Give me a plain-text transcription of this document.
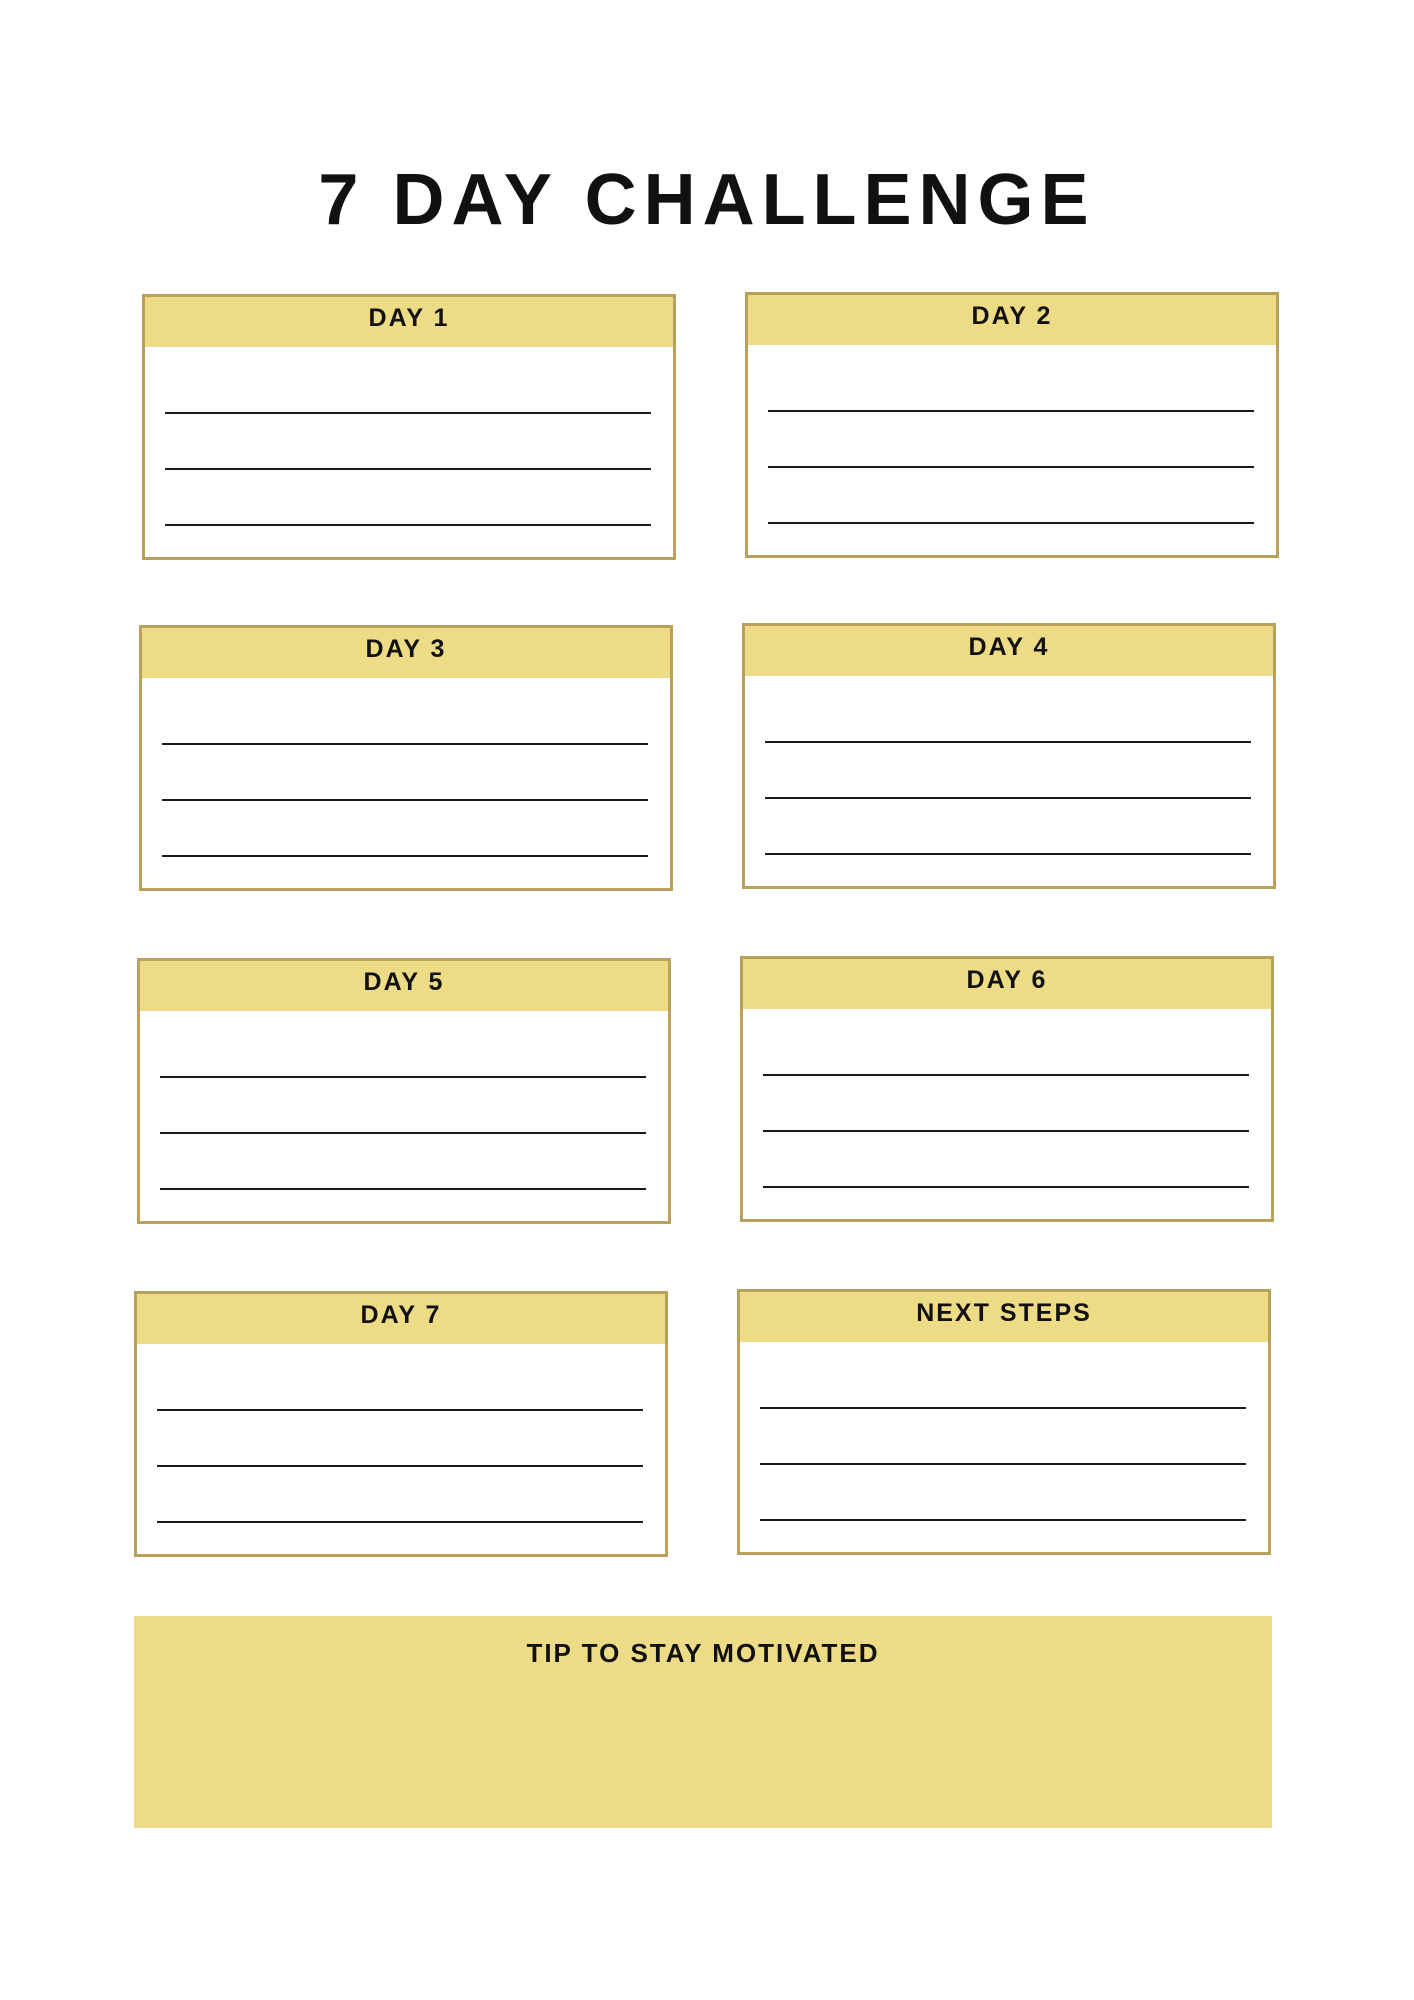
7 DAY CHALLENGE
DAY 1	DAY 2
DAY 3	DAY 4
DAY 5	DAY 6
DAY 7	NEXT STEPS

TIP TO STAY MOTIVATED
